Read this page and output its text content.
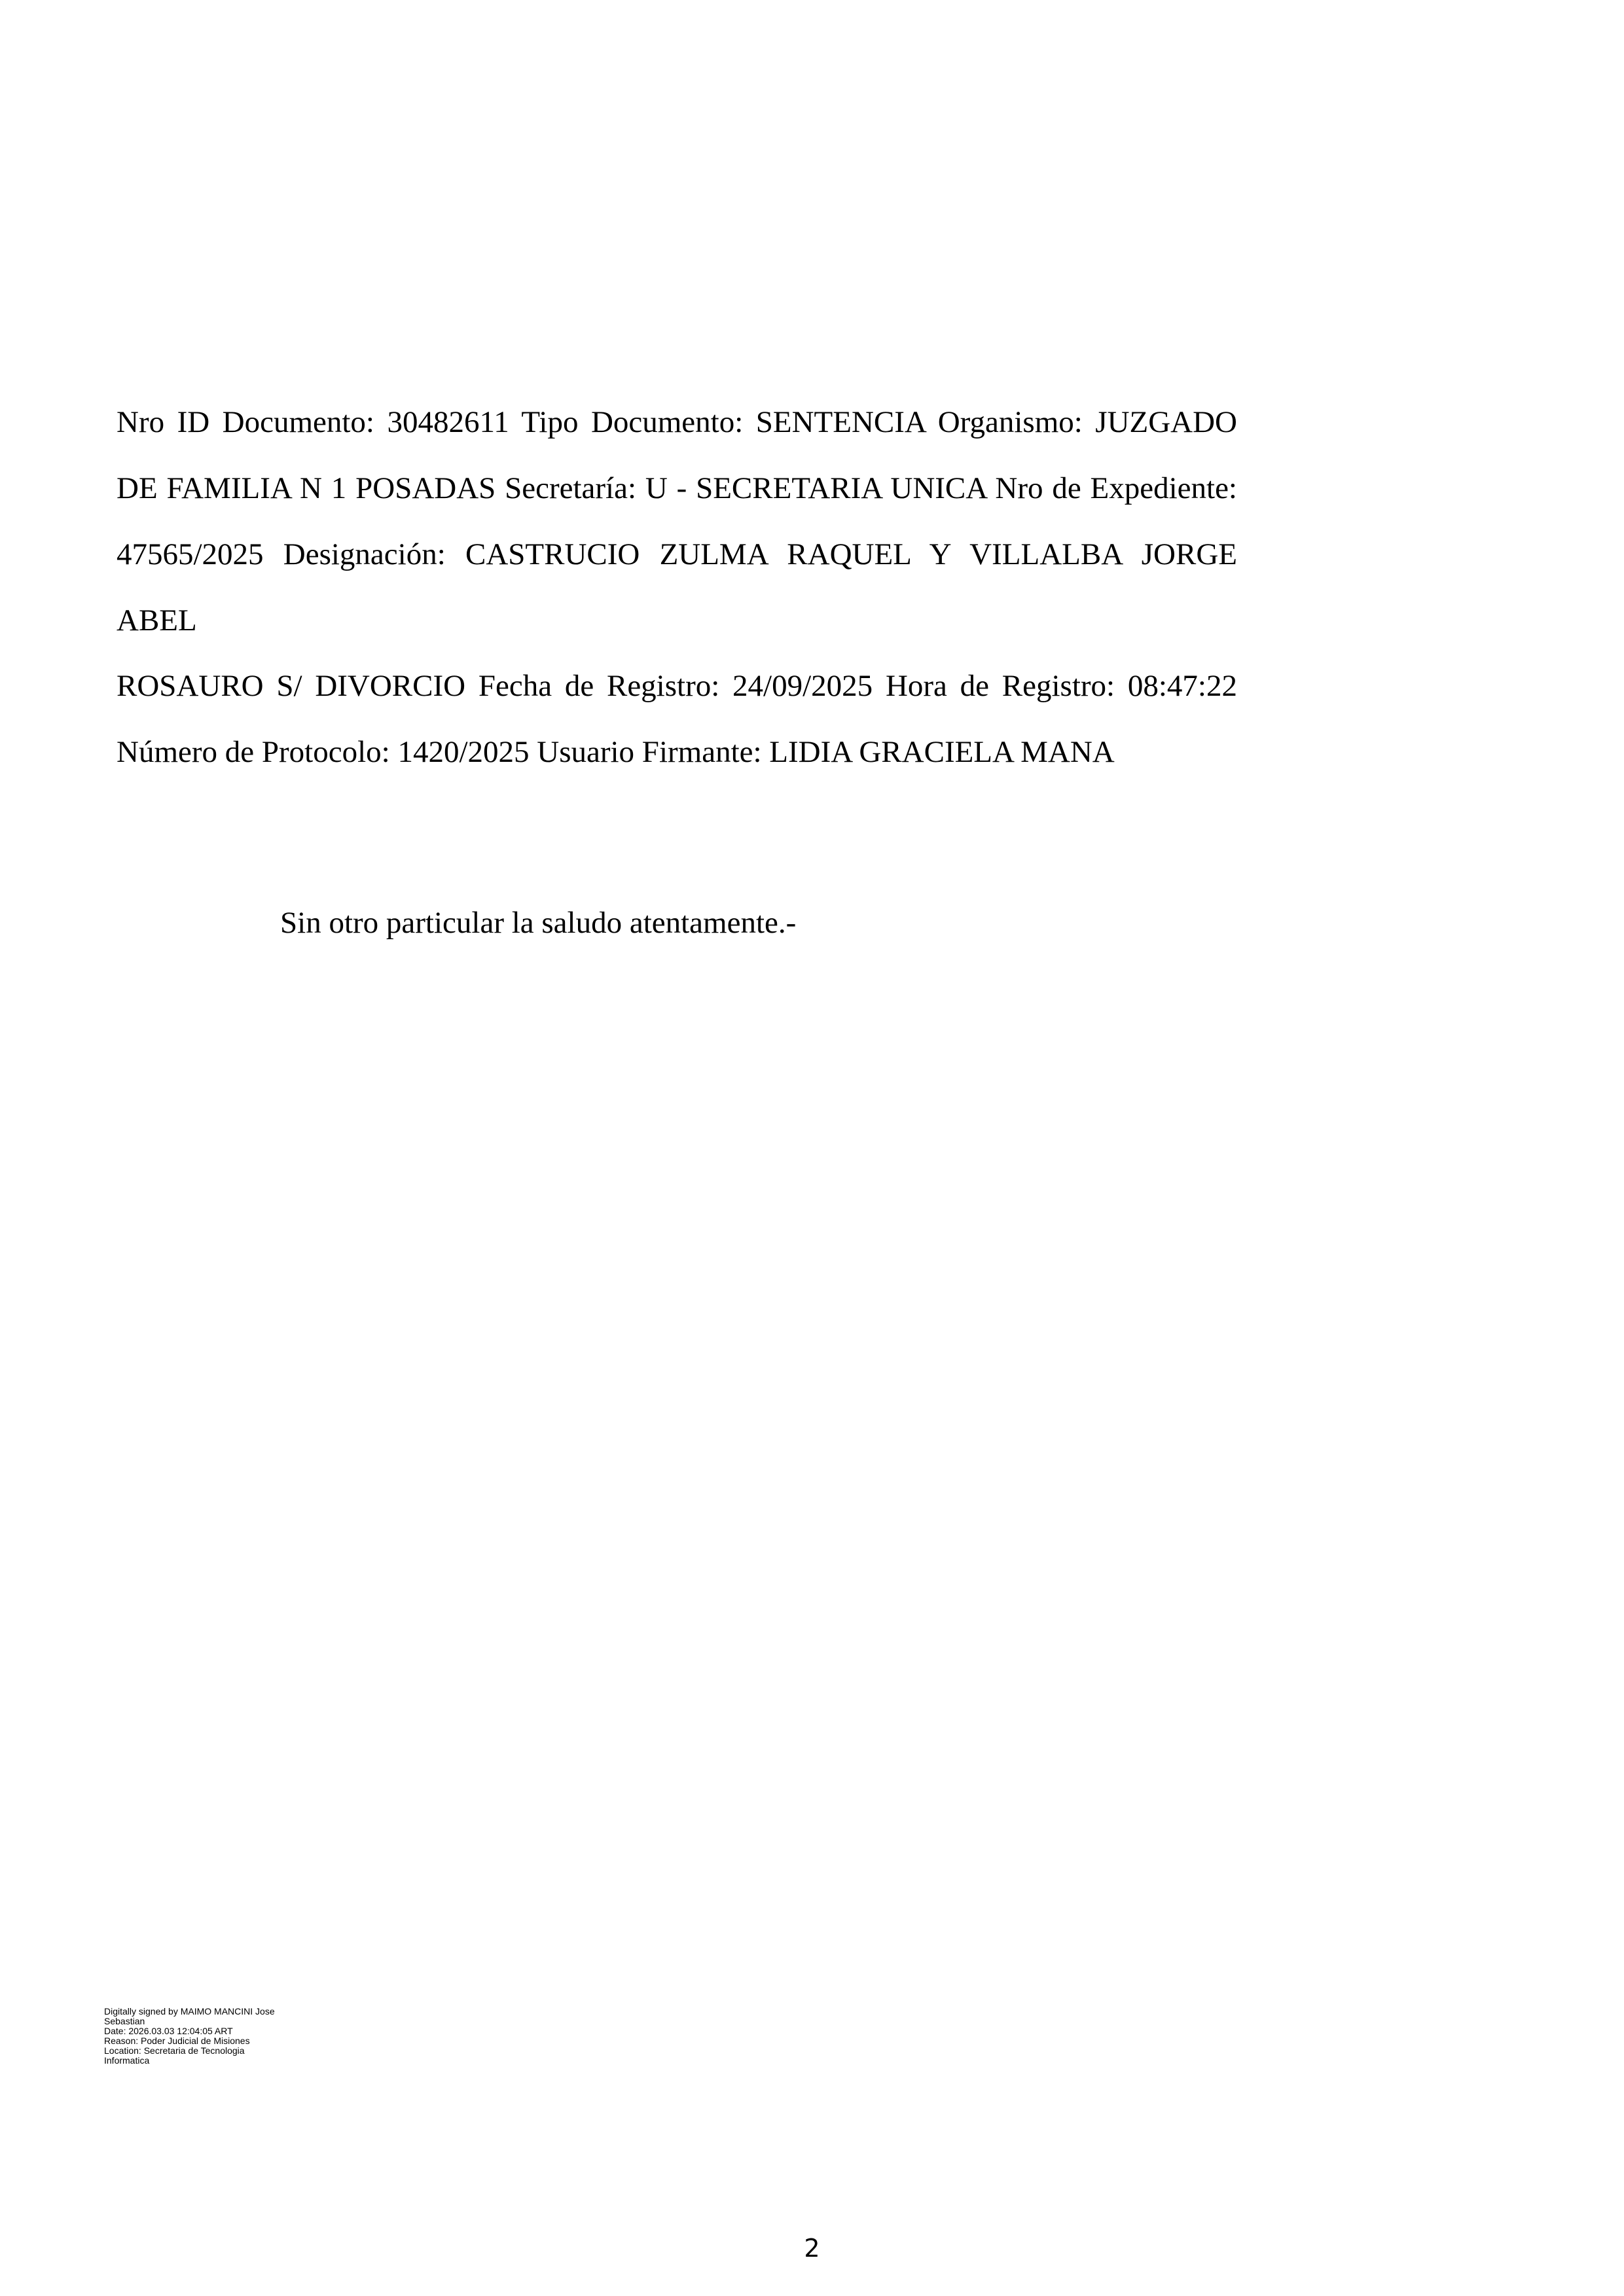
Nro ID Documento: 30482611 Tipo Documento: SENTENCIA Organismo: JUZGADO DE FAMILIA N 1 POSADAS Secretaría: U - SECRETARIA UNICA Nro de Expediente: 47565/2025 Designación: CASTRUCIO ZULMA RAQUEL Y VILLALBA JORGE ABEL

ROSAURO S/ DIVORCIO Fecha de Registro: 24/09/2025 Hora de Registro: 08:47:22 Número de Protocolo: 1420/2025 Usuario Firmante: LIDIA GRACIELA MANA

Sin otro particular la saludo atentamente.-
Digitally signed by MAIMO MANCINI Jose
Sebastian
Date: 2026.03.03 12:04:05 ART
Reason: Poder Judicial de Misiones
Location: Secretaria de Tecnologia
Informatica
2
